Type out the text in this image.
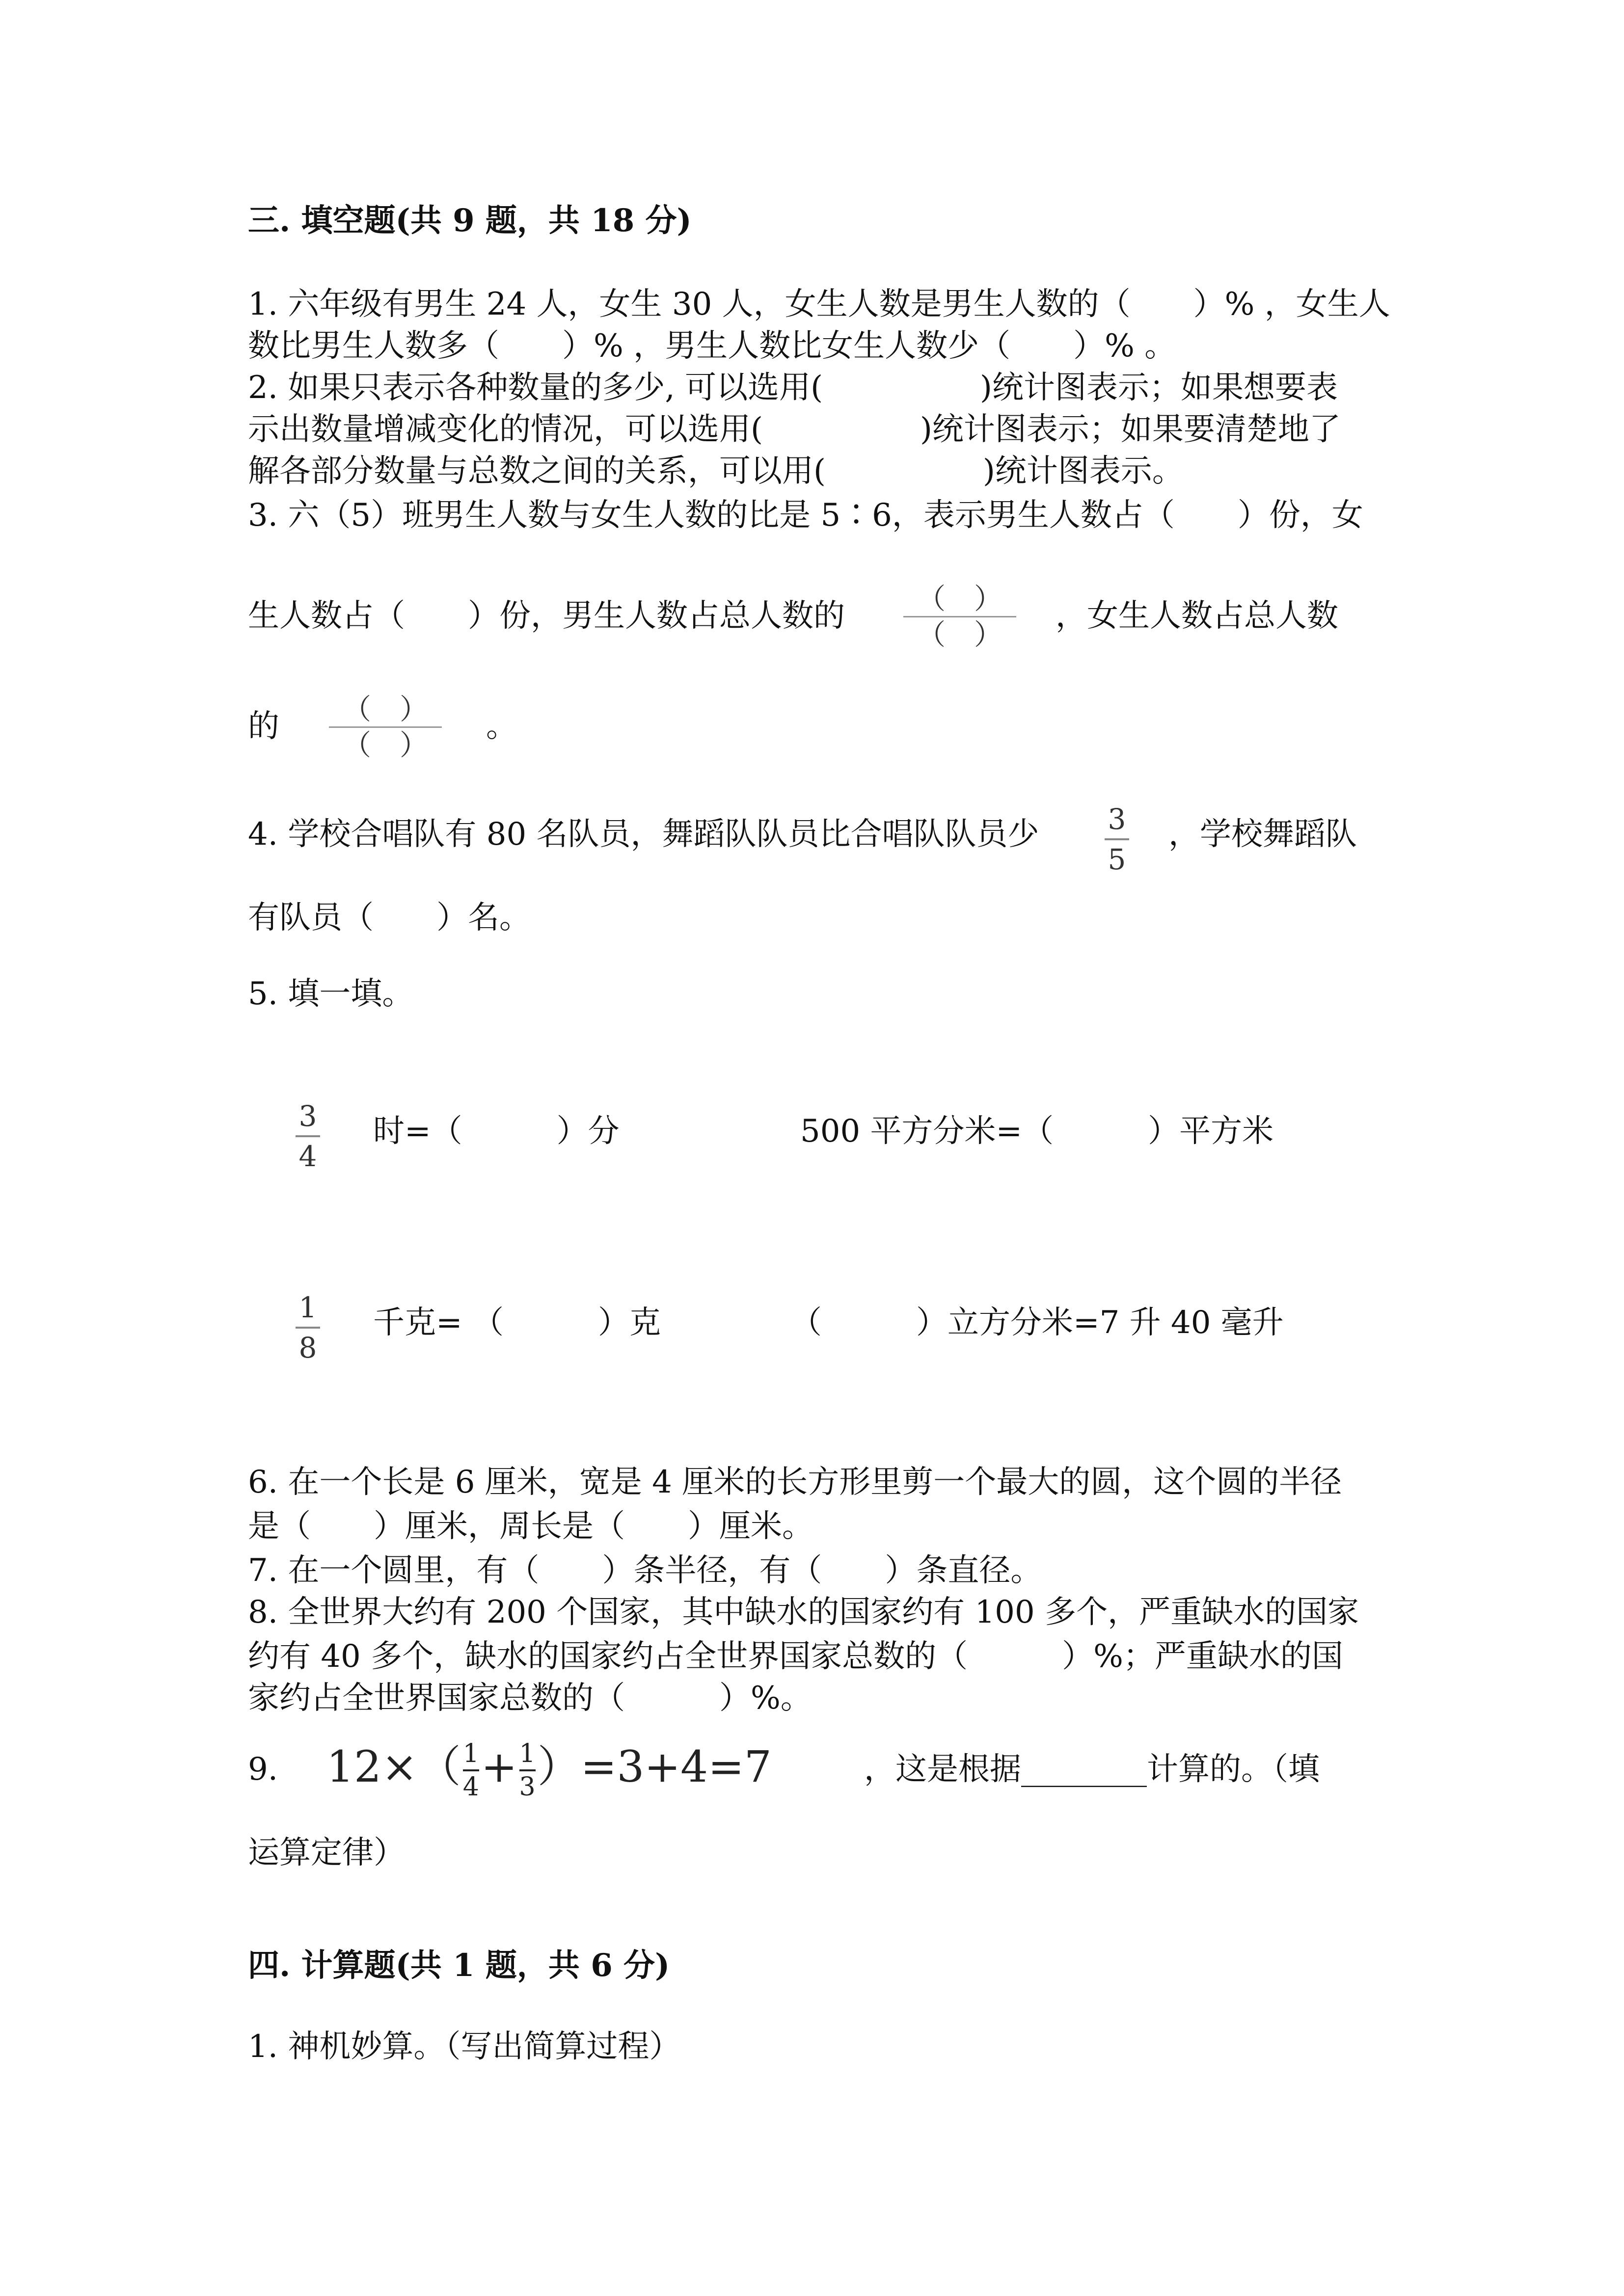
三. 填空题(共 9 题，共 18 分)
1. 六年级有男生 24 人，女生 30 人，女生人数是男生人数的（　　）% ，女生人
数比男生人数多（　　）% ，男生人数比女生人数少（　　）% 。
2. 如果只表示各种数量的多少, 可以选用(　　　　　)统计图表示；如果想要表
示出数量增减变化的情况，可以选用(　　　　　)统计图表示；如果要清楚地了
解各部分数量与总数之间的关系，可以用(　　　　　)统计图表示。
3. 六（5）班男生人数与女生人数的比是 5∶6，表示男生人数占（　　）份，女
生人数占（　　）份，男生人数占总人数的	（　）
（　）
，女生人数占总人数
的	（　）
（　）
。
4. 学校合唱队有 80 名队员，舞蹈队队员比合唱队队员少 3
5
，学校舞蹈队
有队员（　　）名。
5. 填一填。
3
4
时=（　　　）分	500 平方分米=（　　　）平方米
1
8
千克= （　　　）克	（　　　）立方分米=7 升 40 毫升
6. 在一个长是 6 厘米，宽是 4 厘米的长方形里剪一个最大的圆，这个圆的半径
是（　　）厘米，周长是（　　）厘米。
7. 在一个圆里，有（　　）条半径，有（　　）条直径。
8. 全世界大约有 200 个国家，其中缺水的国家约有 100 多个，严重缺水的国家
约有 40 多个，缺水的国家约占全世界国家总数的（　　　）%；严重缺水的国
家约占全世界国家总数的（　　　）%。
9. $12\times( \frac{1}{4} + \frac{1}{3} )=3+4=7$	，这是根据________计算的。（填
运算定律）
四. 计算题(共 1 题，共 6 分)
1. 神机妙算。（写出简算过程）
